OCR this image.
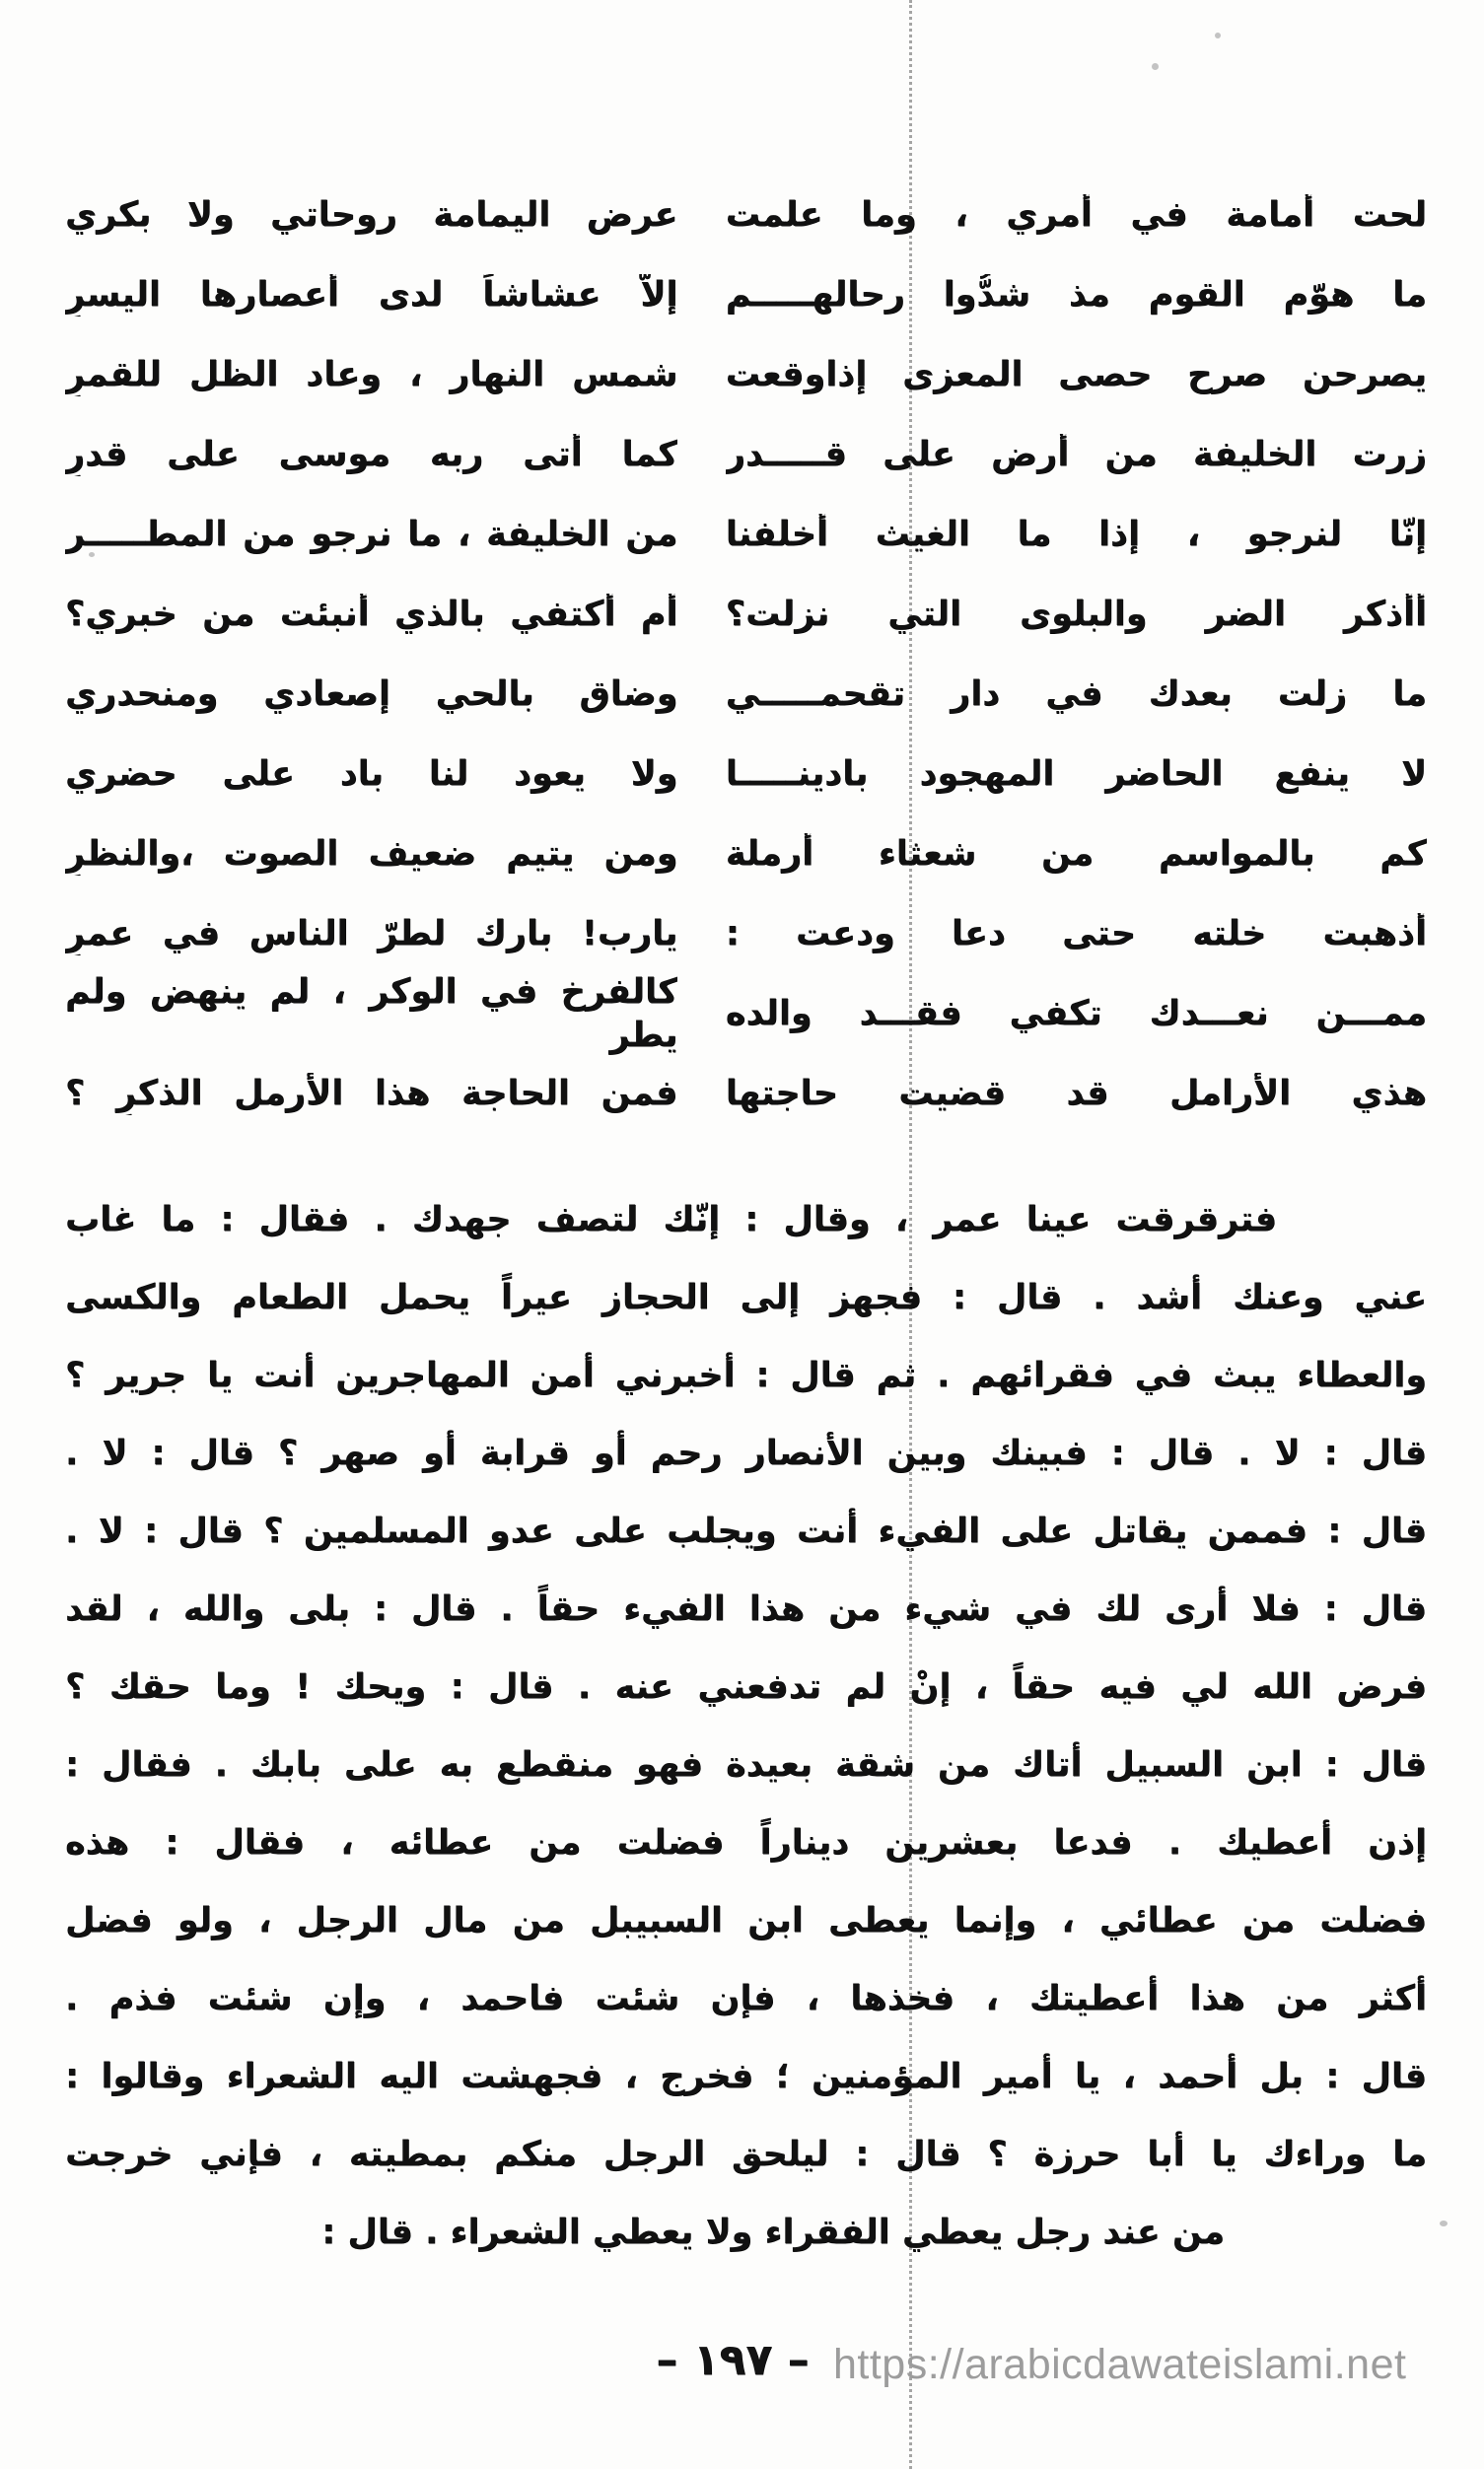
لحت أمامة في أمري ، وما علمت
عرض اليمامة روحاتي ولا بكري
ما هوّم القوم مذ شدُّوا رحالهـــــم
إلاّ عشاشاً لدى أعصارها اليسرِ
يصرحن صرح حصى المعزى إذاوقعت
شمس النهار ، وعاد الظل للقمرِ
زرت الخليفة من أرض على قـــــدر
كما أتى ربه موسى على قدرِ
إنّا لنرجو ، إذا ما الغيث أخلفنا
من الخليفة ، ما نرجو من المطـــــر
أأذكر الضر والبلوى التي نزلت؟
أم أكتفي بالذي أنبئت من خبري؟
ما زلت بعدك في دار تقحمـــــي
وضاق بالحي إصعادي ومنحدري
لا ينفع الحاضر المهجود بادينـــــا
ولا يعود لنا باد على حضري
كم بالمواسم من شعثاء أرملة
ومن يتيم ضعيف الصوت ،والنظرِ
أذهبت خلته حتى دعا ودعت :
يارب! بارك لطرّ الناس في عمرِ
ممـــن نعـــدك تكفي فقـــد والده
كالفرخ في الوكر ، لم ينهض ولم يطر
هذي الأرامل قد قضيت حاجتها
فمن الحاجة هذا الأرمل الذكرِ ؟

فترقرقت عينا عمر ، وقال : إنّك لتصف جهدك . فقال : ما غاب

عني وعنك أشد . قال : فجهز إلى الحجاز عيراً يحمل الطعام والكسى

والعطاء يبث في فقرائهم . ثم قال : أخبرني أمن المهاجرين أنت يا جرير ؟

قال : لا . قال : فبينك وبين الأنصار رحم أو قرابة أو صهر ؟ قال : لا .

قال : فممن يقاتل على الفيء أنت ويجلب على عدو المسلمين ؟ قال : لا .

قال : فلا أرى لك في شيء من هذا الفيء حقاً . قال : بلى والله ، لقد

فرض الله لي فيه حقاً ، إنْ لم تدفعني عنه . قال : ويحك ! وما حقك ؟

قال : ابن السبيل أتاك من شقة بعيدة فهو منقطع به على بابك . فقال :

إذن أعطيك . فدعا بعشرين ديناراً فضلت من عطائه ، فقال : هذه

فضلت من عطائي ، وإنما يعطى ابن السبيبل من مال الرجل ، ولو فضل

أكثر من هذا أعطيتك ، فخذها ، فإن شئت فاحمد ، وإن شئت فذم .

قال : بل أحمد ، يا أمير المؤمنين ؛ فخرج ، فجهشت اليه الشعراء وقالوا :

ما وراءك يا أبا حرزة ؟ قال : ليلحق الرجل منكم بمطيته ، فإني خرجت

من عند رجل يعطي الفقراء ولا يعطي الشعراء . قال :

– ١٩٧ – https://arabicdawateislami.net
